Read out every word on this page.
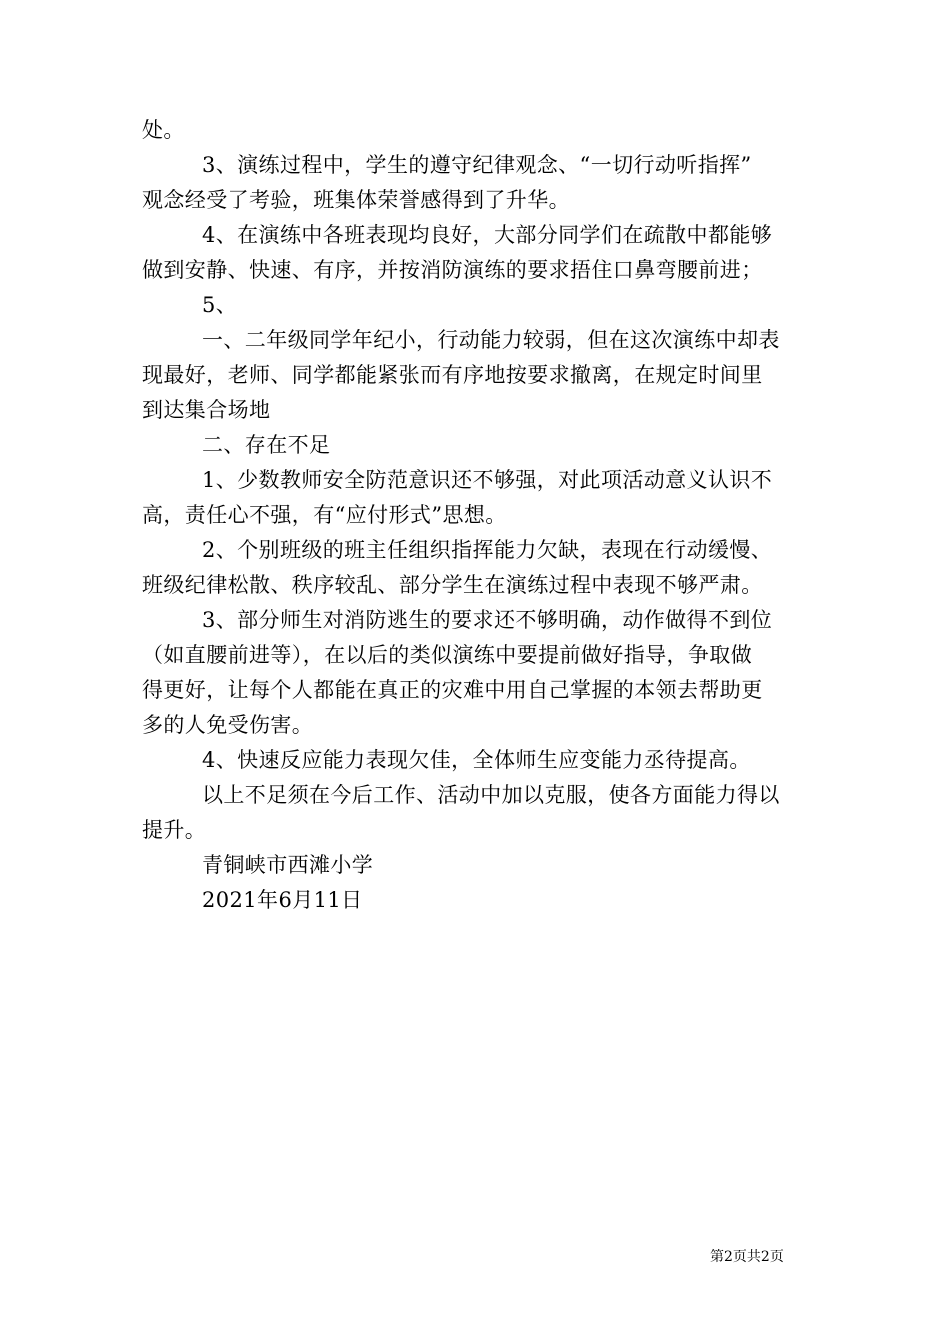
处。

3、演练过程中，学生的遵守纪律观念、“一切行动听指挥”
观念经受了考验，班集体荣誉感得到了升华。

4、在演练中各班表现均良好，大部分同学们在疏散中都能够
做到安静、快速、有序，并按消防演练的要求捂住口鼻弯腰前进；

5、

一、二年级同学年纪小，行动能力较弱，但在这次演练中却表
现最好，老师、同学都能紧张而有序地按要求撤离，在规定时间里
到达集合场地

二、存在不足

1、少数教师安全防范意识还不够强，对此项活动意义认识不
高，责任心不强，有“应付形式”思想。

2、个别班级的班主任组织指挥能力欠缺，表现在行动缓慢、
班级纪律松散、秩序较乱、部分学生在演练过程中表现不够严肃。

3、部分师生对消防逃生的要求还不够明确，动作做得不到位
（如直腰前进等），在以后的类似演练中要提前做好指导，争取做
得更好，让每个人都能在真正的灾难中用自己掌握的本领去帮助更
多的人免受伤害。

4、快速反应能力表现欠佳，全体师生应变能力丞待提高。

以上不足须在今后工作、活动中加以克服，使各方面能力得以
提升。

青铜峡市西滩小学

2021年6月11日

第2页共2页
